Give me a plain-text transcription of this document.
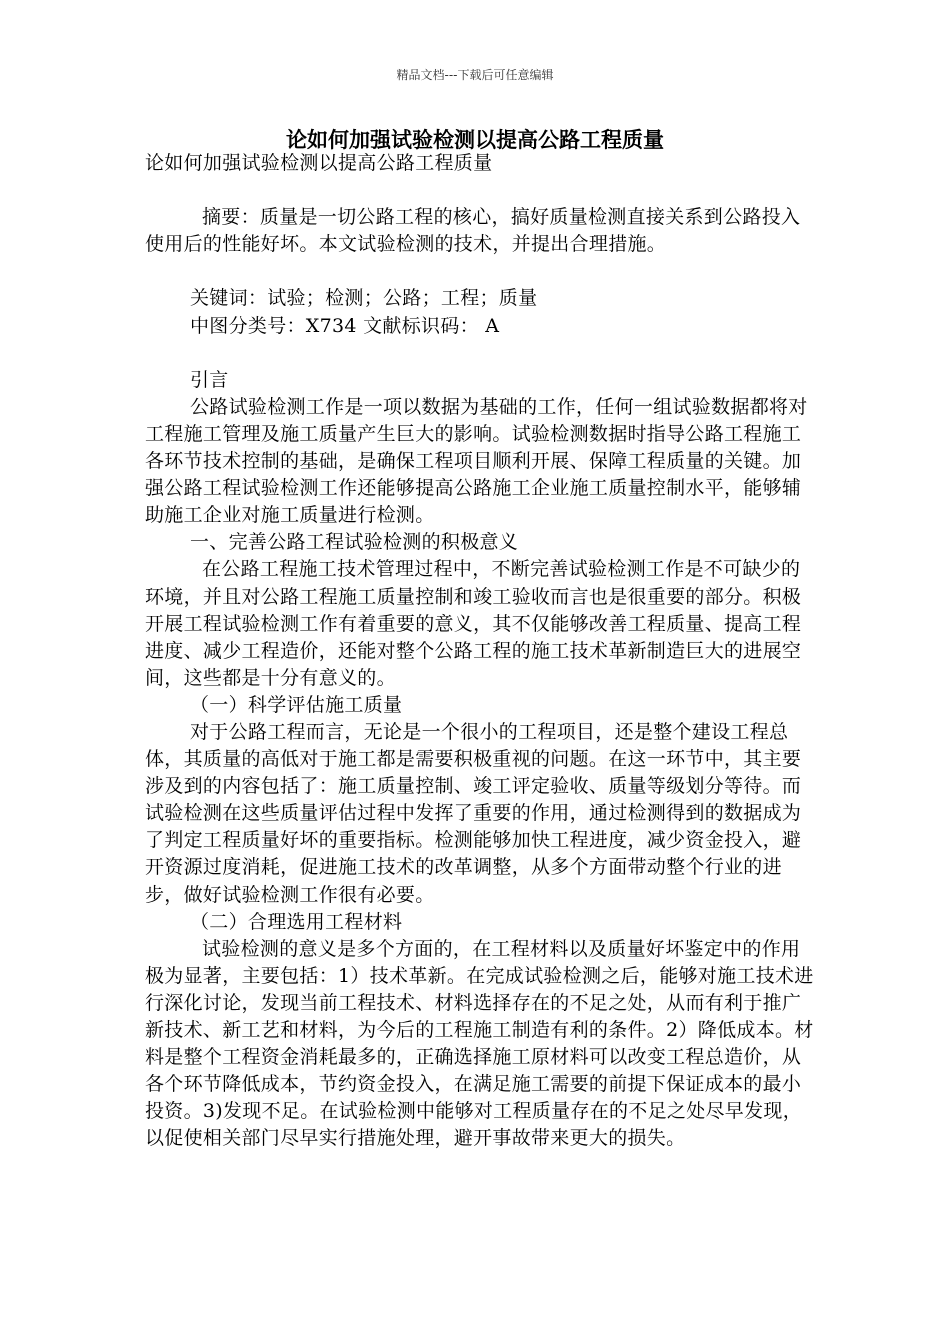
精品文档---下载后可任意编辑
论如何加强试验检测以提高公路工程质量

论如何加强试验检测以提高公路工程质量

摘要：质量是一切公路工程的核心，搞好质量检测直接关系到公路投入使用后的性能好坏。本文试验检测的技术，并提出合理措施。

关键词：试验；检测；公路；工程；质量

中图分类号：X734 文献标识码： A

引言

公路试验检测工作是一项以数据为基础的工作，任何一组试验数据都将对工程施工管理及施工质量产生巨大的影响。试验检测数据时指导公路工程施工各环节技术控制的基础，是确保工程项目顺利开展、保障工程质量的关键。加强公路工程试验检测工作还能够提高公路施工企业施工质量控制水平，能够辅助施工企业对施工质量进行检测。

一、完善公路工程试验检测的积极意义

在公路工程施工技术管理过程中，不断完善试验检测工作是不可缺少的环境，并且对公路工程施工质量控制和竣工验收而言也是很重要的部分。积极开展工程试验检测工作有着重要的意义，其不仅能够改善工程质量、提高工程进度、减少工程造价，还能对整个公路工程的施工技术革新制造巨大的进展空间，这些都是十分有意义的。

（一）科学评估施工质量

对于公路工程而言，无论是一个很小的工程项目，还是整个建设工程总体，其质量的高低对于施工都是需要积极重视的问题。在这一环节中，其主要涉及到的内容包括了：施工质量控制、竣工评定验收、质量等级划分等待。而试验检测在这些质量评估过程中发挥了重要的作用，通过检测得到的数据成为了判定工程质量好坏的重要指标。检测能够加快工程进度，减少资金投入，避开资源过度消耗，促进施工技术的改革调整，从多个方面带动整个行业的进步，做好试验检测工作很有必要。

（二）合理选用工程材料

试验检测的意义是多个方面的，在工程材料以及质量好坏鉴定中的作用极为显著，主要包括：1）技术革新。在完成试验检测之后，能够对施工技术进行深化讨论，发现当前工程技术、材料选择存在的不足之处，从而有利于推广新技术、新工艺和材料，为今后的工程施工制造有利的条件。2）降低成本。材料是整个工程资金消耗最多的，正确选择施工原材料可以改变工程总造价，从各个环节降低成本，节约资金投入，在满足施工需要的前提下保证成本的最小投资。3)发现不足。在试验检测中能够对工程质量存在的不足之处尽早发现，以促使相关部门尽早实行措施处理，避开事故带来更大的损失。
